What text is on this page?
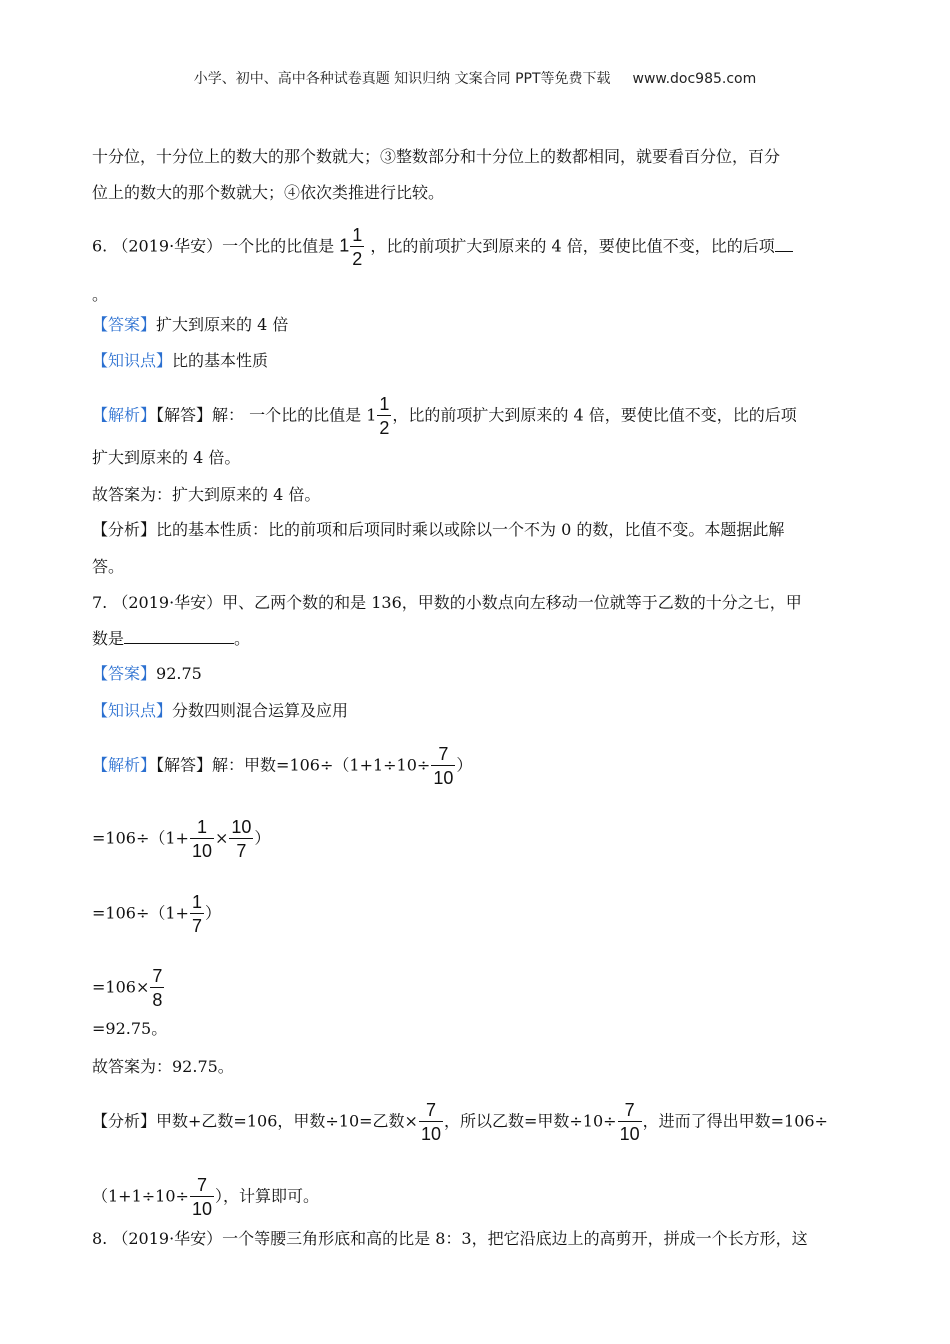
小学、初中、高中各种试卷真题 知识归纳 文案合同 PPT等免费下载 www.doc985.com
十分位，十分位上的数大的那个数就大；③整数部分和十分位上的数都相同，就要看百分位，百分
位上的数大的那个数就大；④依次类推进行比较。
6. （2019·华安）一个比的比值是 $1 \frac{1}{2}$ ，比的前项扩大到原来的 4 倍，要使比值不变，比的后项
。
【答案】扩大到原来的 4 倍
【知识点】比的基本性质
【解析】【解答】解： 一个比的比值是 $1 \frac{1}{2}$ ，比的前项扩大到原来的 4 倍，要使比值不变，比的后项
扩大到原来的 4 倍。
故答案为：扩大到原来的 4 倍。
【分析】比的基本性质：比的前项和后项同时乘以或除以一个不为 0 的数，比值不变。本题据此解
答。
7. （2019·华安）甲、乙两个数的和是 136，甲数的小数点向左移动一位就等于乙数的十分之七，甲
数是	。
【答案】92.75
【知识点】分数四则混合运算及应用
【解析】【解答】解：甲数$=106\div(1+1\div 10\div \frac{7}{10}$ ）
$=106\div(1+ \frac{1}{10} \times \frac{10}{7}$ ）
$=106\div(1+ \frac{1}{7}$ ）
$=106\times \frac{7}{8}$
=92.75。
故答案为：92.75。
【分析】甲数+乙数=106，甲数÷10=乙数× $\frac{7}{10}$ ，所以乙数=甲数$\div 10\div \frac{7}{10}$ ，进而了得出甲数=106÷
（$1+1\div 10\div \frac{7}{10}$ ），计算即可。
8. （2019·华安）一个等腰三角形底和高的比是 8：3，把它沿底边上的高剪开，拼成一个长方形，这
